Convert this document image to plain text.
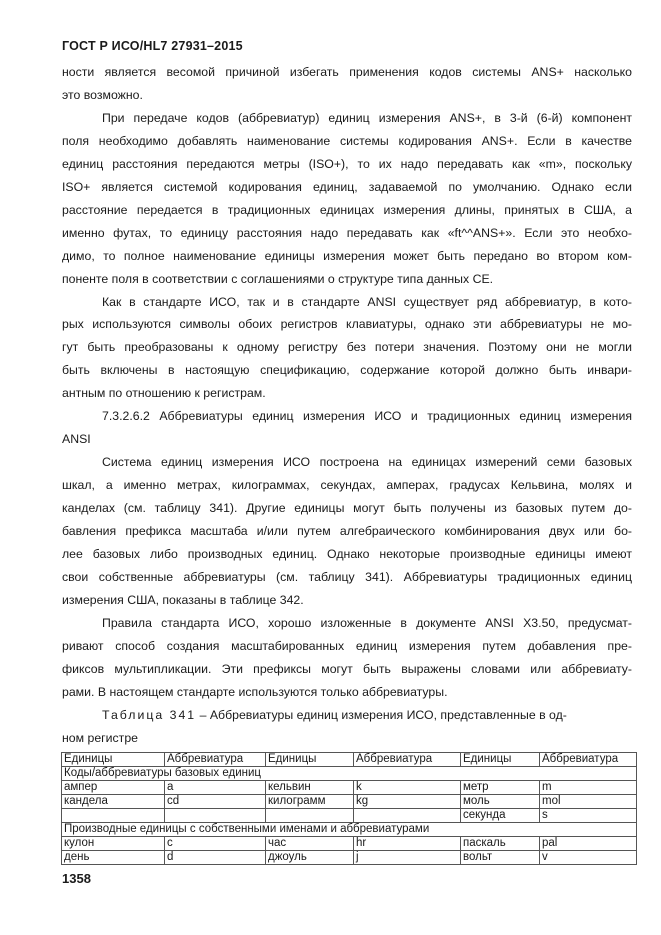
ГОСТ Р ИСО/HL7 27931–2015
ности является весомой причиной избегать применения кодов системы ANS+ насколько
это возможно.
При передаче кодов (аббревиатур) единиц измерения ANS+, в 3-й (6-й) компонент
поля необходимо добавлять наименование системы кодирования ANS+. Если в качестве
единиц расстояния передаются метры (ISO+), то их надо передавать как «m», поскольку
ISO+ является системой кодирования единиц, задаваемой по умолчанию. Однако если
расстояние передается в традиционных единицах измерения длины, принятых в США, а
именно футах, то единицу расстояния надо передавать как «ft^^ANS+». Если это необхо-
димо, то полное наименование единицы измерения может быть передано во втором ком-
поненте поля в соответствии с соглашениями о структуре типа данных CE.
Как в стандарте ИСО, так и в стандарте ANSI существует ряд аббревиатур, в кото-
рых используются символы обоих регистров клавиатуры, однако эти аббревиатуры не мо-
гут быть преобразованы к одному регистру без потери значения. Поэтому они не могли
быть включены в настоящую спецификацию, содержание которой должно быть инвари-
антным по отношению к регистрам.
7.3.2.6.2 Аббревиатуры единиц измерения ИСО и традиционных единиц измерения
ANSI
Система единиц измерения ИСО построена на единицах измерений семи базовых
шкал, а именно метрах, килограммах, секундах, амперах, градусах Кельвина, молях и
канделах (см. таблицу 341). Другие единицы могут быть получены из базовых путем до-
бавления префикса масштаба и/или путем алгебраического комбинирования двух или бо-
лее базовых либо производных единиц. Однако некоторые производные единицы имеют
свои собственные аббревиатуры (см. таблицу 341). Аббревиатуры традиционных единиц
измерения США, показаны в таблице 342.
Правила стандарта ИСО, хорошо изложенные в документе ANSI X3.50, предусмат-
ривают способ создания масштабированных единиц измерения путем добавления пре-
фиксов мультипликации. Эти префиксы могут быть выражены словами или аббревиату-
рами. В настоящем стандарте используются только аббревиатуры.
Таблица 341 – Аббревиатуры единиц измерения ИСО, представленные в од-
ном регистре
Единицы	Аббревиатура	Единицы	Аббревиатура	Единицы	Аббревиатура
Коды/аббревиатуры базовых единиц					
ампер	a	кельвин	k	метр	m
кандела	cd	килограмм	kg	моль	mol
				секунда	s
Производные единицы с собственными именами и аббревиатурами					
кулон	c	час	hr	паскаль	pal
день	d	джоуль	j	вольт	v
1358
